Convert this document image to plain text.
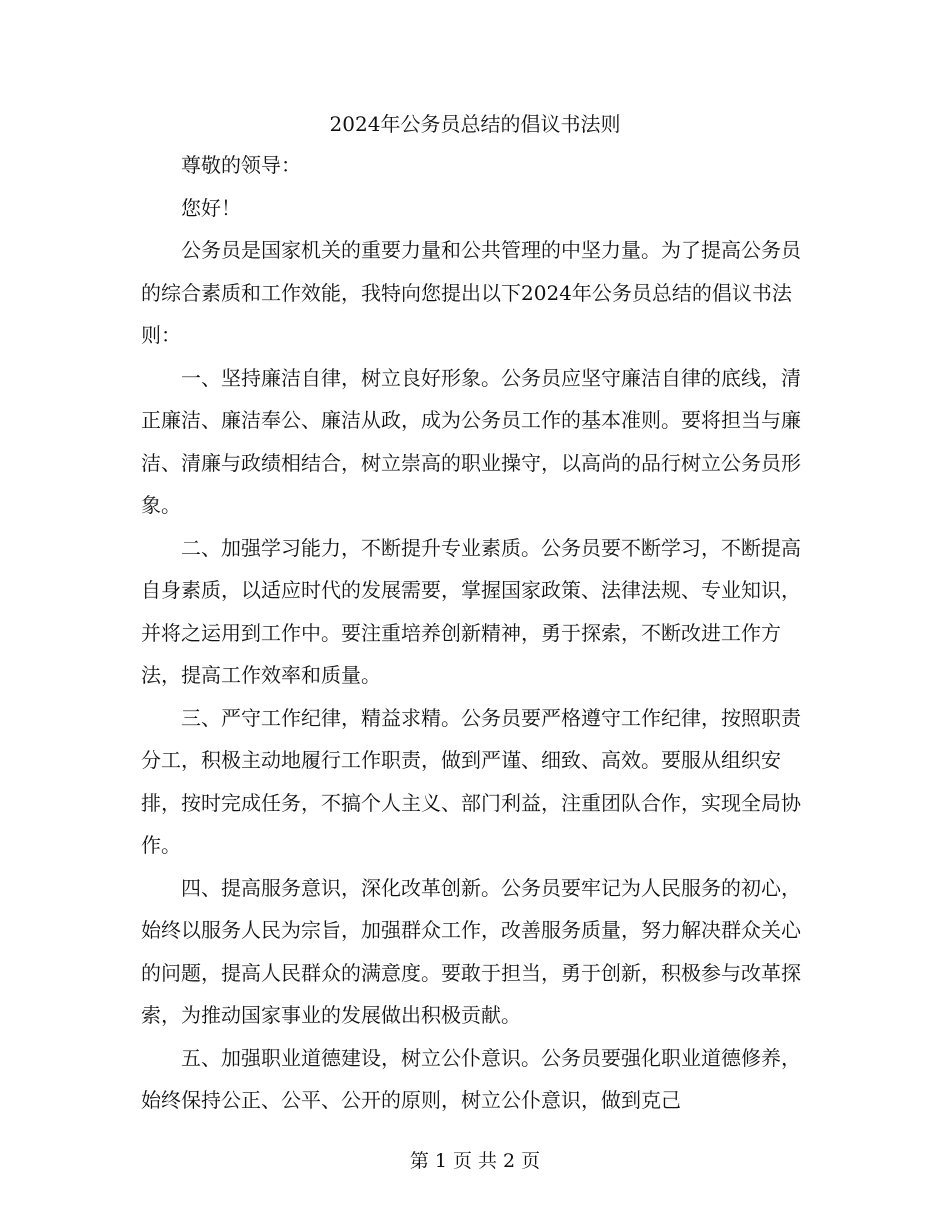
2024年公务员总结的倡议书法则

尊敬的领导：

您好！

公务员是国家机关的重要力量和公共管理的中坚力量。为了提高公务员的综合素质和工作效能，我特向您提出以下2024年公务员总结的倡议书法则：

一、坚持廉洁自律，树立良好形象。公务员应坚守廉洁自律的底线，清正廉洁、廉洁奉公、廉洁从政，成为公务员工作的基本准则。要将担当与廉洁、清廉与政绩相结合，树立崇高的职业操守，以高尚的品行树立公务员形象。

二、加强学习能力，不断提升专业素质。公务员要不断学习，不断提高自身素质，以适应时代的发展需要，掌握国家政策、法律法规、专业知识，并将之运用到工作中。要注重培养创新精神，勇于探索，不断改进工作方法，提高工作效率和质量。

三、严守工作纪律，精益求精。公务员要严格遵守工作纪律，按照职责分工，积极主动地履行工作职责，做到严谨、细致、高效。要服从组织安排，按时完成任务，不搞个人主义、部门利益，注重团队合作，实现全局协作。

四、提高服务意识，深化改革创新。公务员要牢记为人民服务的初心，始终以服务人民为宗旨，加强群众工作，改善服务质量，努力解决群众关心的问题，提高人民群众的满意度。要敢于担当，勇于创新，积极参与改革探索，为推动国家事业的发展做出积极贡献。

五、加强职业道德建设，树立公仆意识。公务员要强化职业道德修养，始终保持公正、公平、公开的原则，树立公仆意识，做到克己

第 1 页 共 2 页
